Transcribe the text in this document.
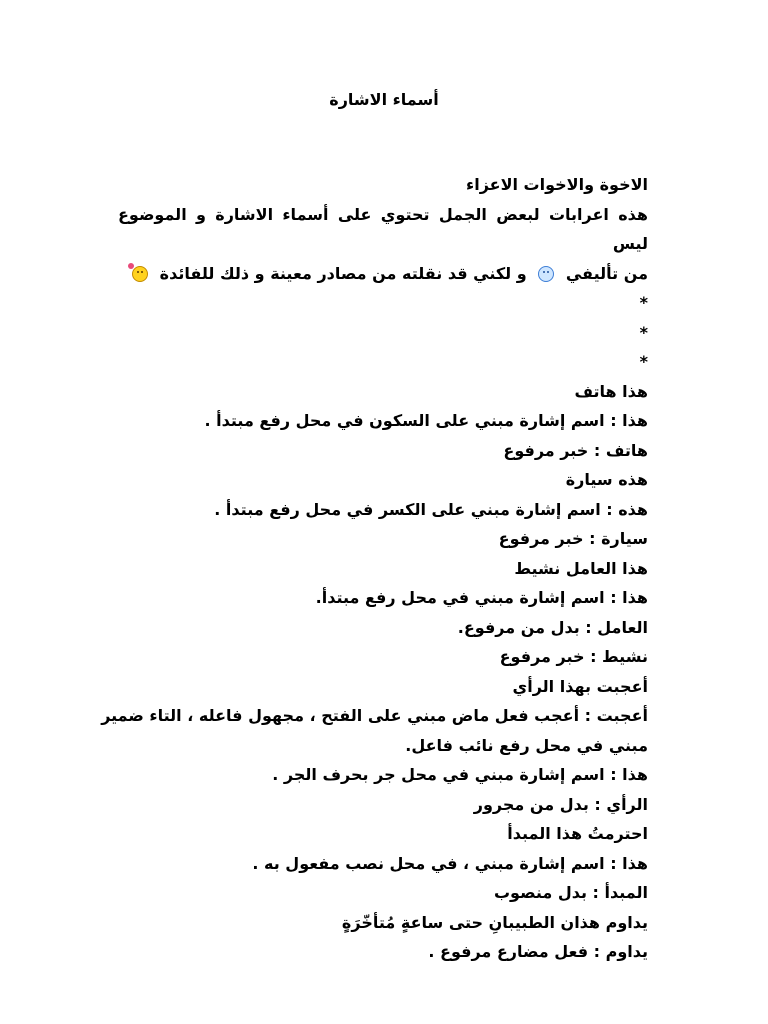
أسماء الاشارة
الاخوة والاخوات الاعزاء
هذه اعرابات لبعض الجمل تحتوي على أسماء الاشارة و الموضوع ليس
من تأليفي  و لكني قد نقلته من مصادر معينة و ذلك للفائدة
*
*
*
هذا هاتف
هذا : اسم إشارة مبني على السكون في محل رفع مبتدأ .
هاتف : خبر مرفوع
هذه سيارة
هذه : اسم إشارة مبني على الكسر في محل رفع مبتدأ .
سيارة : خبر مرفوع
هذا العامل نشيط
هذا : اسم إشارة مبني في محل رفع مبتدأ.
العامل : بدل من مرفوع.
نشيط : خبر مرفوع
أعجبت بهذا الرأي
أعجبت : أعجب فعل ماض مبني على الفتح ، مجهول فاعله ، التاء ضمير
مبني في محل رفع نائب فاعل.
هذا : اسم إشارة مبني في محل جر بحرف الجر .
الرأي : بدل من مجرور
احترمتُ هذا المبدأ
هذا : اسم إشارة مبني ، في محل نصب مفعول به .
المبدأ : بدل منصوب
يداوم هذان الطبيبانِ حتى ساعةٍ مُتأخّرَةٍ
يداوم : فعل مضارع مرفوع .
